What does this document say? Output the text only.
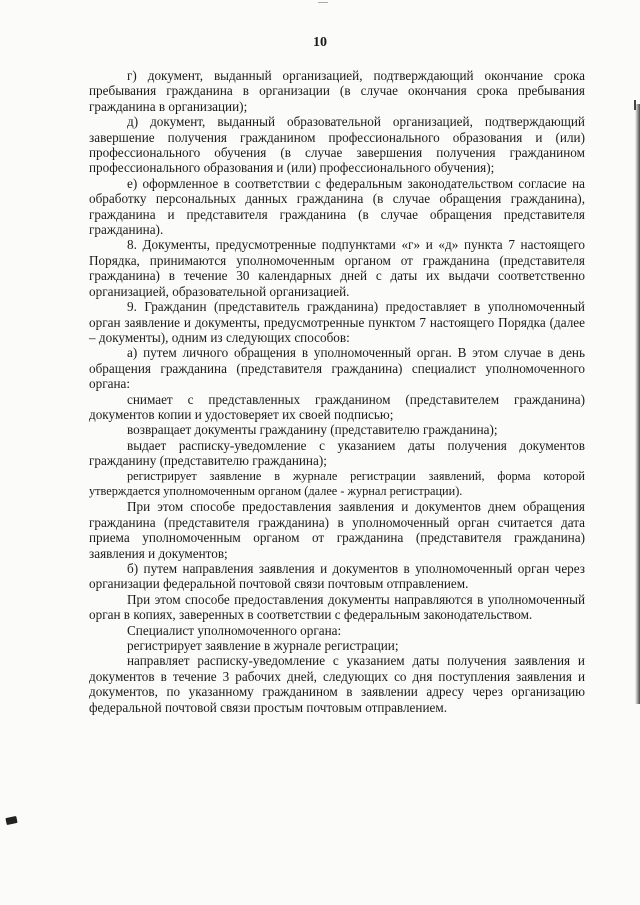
10

г) документ, выданный организацией, подтверждающий окончание срока пребывания гражданина в организации (в случае окончания срока пребывания гражданина в организации);

д) документ, выданный образовательной организацией, подтверждающий завершение получения гражданином профессионального образования и (или) профессионального обучения (в случае завершения получения гражданином профессионального образования и (или) профессионального обучения);

е) оформленное в соответствии с федеральным законодательством согласие на обработку персональных данных гражданина (в случае обращения гражданина), гражданина и представителя гражданина (в случае обращения представителя гражданина).

8. Документы, предусмотренные подпунктами «г» и «д» пункта 7 настоящего Порядка, принимаются уполномоченным органом от гражданина (представителя гражданина) в течение 30 календарных дней с даты их выдачи соответственно организацией, образовательной организацией.

9. Гражданин (представитель гражданина) предоставляет в уполномоченный орган заявление и документы, предусмотренные пунктом 7 настоящего Порядка (далее – документы), одним из следующих способов:

а) путем личного обращения в уполномоченный орган. В этом случае в день обращения гражданина (представителя гражданина) специалист уполномоченного органа:

снимает с представленных гражданином (представителем гражданина) документов копии и удостоверяет их своей подписью;

возвращает документы гражданину (представителю гражданина);

выдает расписку-уведомление с указанием даты получения документов гражданину (представителю гражданина);

регистрирует заявление в журнале регистрации заявлений, форма которой утверждается уполномоченным органом (далее - журнал регистрации).

При этом способе предоставления заявления и документов днем обращения гражданина (представителя гражданина) в уполномоченный орган считается дата приема уполномоченным органом от гражданина (представителя гражданина) заявления и документов;

б) путем направления заявления и документов в уполномоченный орган через организации федеральной почтовой связи почтовым отправлением.

При этом способе предоставления документы направляются в уполномоченный орган в копиях, заверенных в соответствии с федеральным законодательством.

Специалист уполномоченного органа:

регистрирует заявление в журнале регистрации;

направляет расписку-уведомление с указанием даты получения заявления и документов в течение 3 рабочих дней, следующих со дня поступления заявления и документов, по указанному гражданином в заявлении адресу через организацию федеральной почтовой связи простым почтовым отправлением.
